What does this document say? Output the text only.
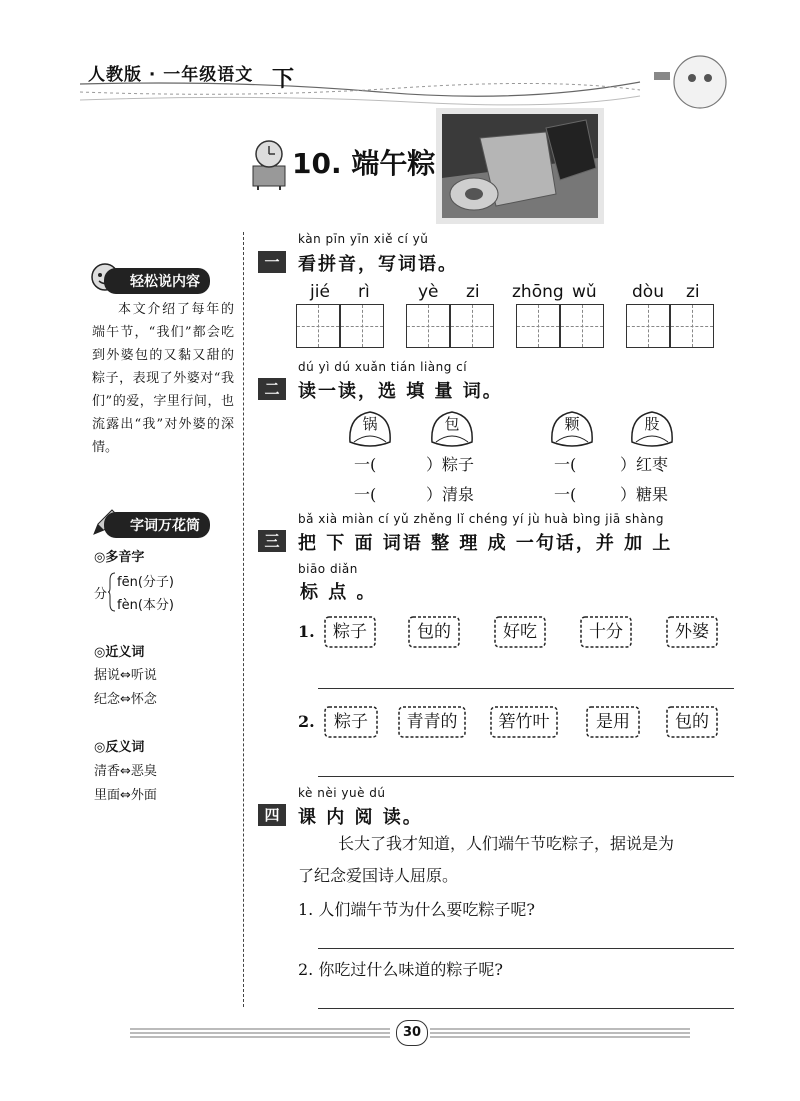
人教版 · 一年级语文 下
10. 端午粽
轻松说内容
本文介绍了每年的端午节，“我们”都会吃到外婆包的又黏又甜的粽子，表现了外婆对“我们”的爱，字里行间，也流露出“我”对外婆的深情。
字词万花筒
◎多音字
分
fēn(分子)
fèn(本分)
◎近义词
据说⇔听说
纪念⇔怀念
◎反义词
清香⇔恶臭
里面⇔外面
kàn pīn yīn xiě cí yǔ
一	看拼音，写词语。
jié rì	yè zi zhōng wǔ dòu zi
dú yì dú xuǎn tián liàng cí
二	读一读，选 填 量 词。
锅	包	颗	股
一(	）粽子	一(	）红枣
一(	）清泉	一(	）糖果
bǎ xià miàn cí yǔ zhěng lǐ chéng yí jù huà bìng jiā shàng
三	把 下 面 词语 整 理 成 一句话，并 加 上
biāo diǎn
标 点 。
1.	粽子	包的	好吃	十分	外婆
2.	粽子	青青的	箬竹叶	是用	包的
kè nèi yuè dú
四	课 内 阅 读。
长大了我才知道，人们端午节吃粽子，据说是为
了纪念爱国诗人屈原。
1. 人们端午节为什么要吃粽子呢?
2. 你吃过什么味道的粽子呢?
30
